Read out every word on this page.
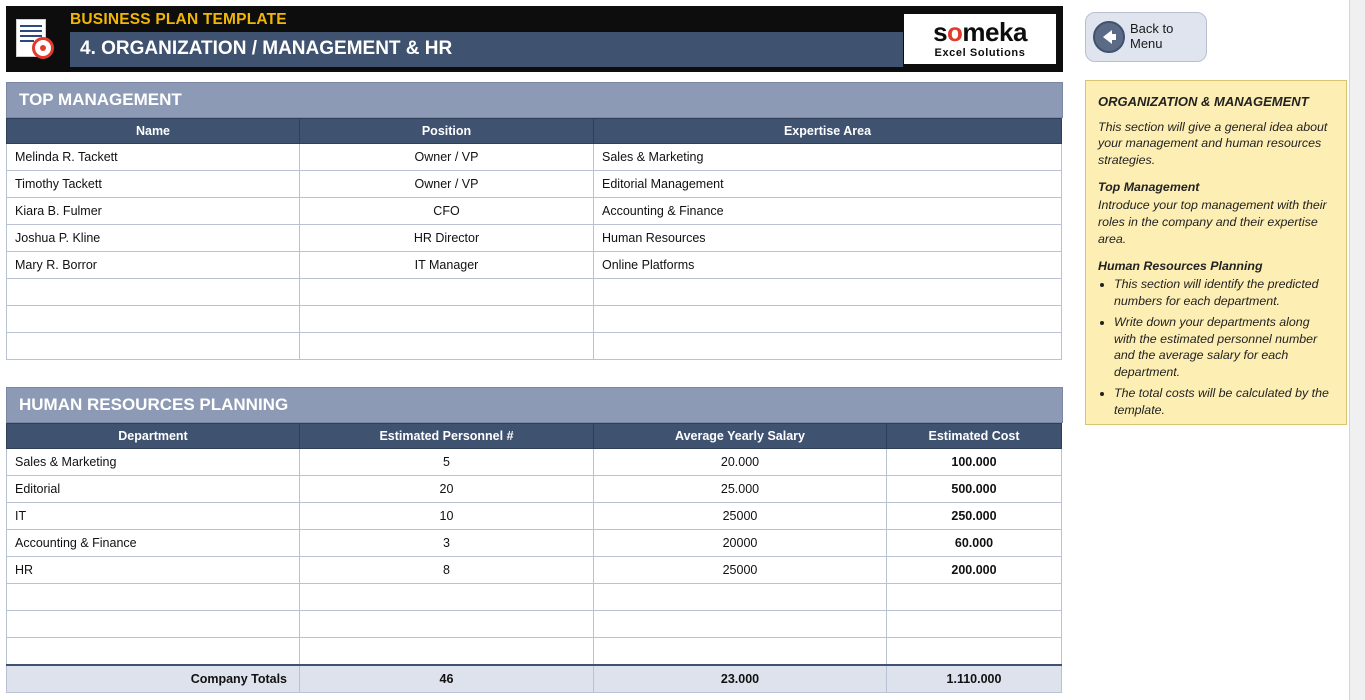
BUSINESS PLAN TEMPLATE
4. ORGANIZATION / MANAGEMENT & HR
someka
Excel Solutions
Back to
Menu
TOP MANAGEMENT
Name	Position	Expertise Area
Melinda R. Tackett	Owner / VP	Sales & Marketing
Timothy Tackett	Owner / VP	Editorial Management
Kiara B. Fulmer	CFO	Accounting & Finance
Joshua P. Kline	HR Director	Human Resources
Mary R. Borror	IT Manager	Online Platforms

HUMAN RESOURCES PLANNING
Department	Estimated Personnel #	Average Yearly Salary	Estimated Cost
Sales & Marketing	5	20.000	100.000
Editorial	20	25.000	500.000
IT	10	25000	250.000
Accounting & Finance	3	20000	60.000
HR	8	25000	200.000

Company Totals	46	23.000	1.110.000
ORGANIZATION & MANAGEMENT

This section will give a general idea about your management and human resources strategies.

Top Management

Introduce your top management with their roles in the company and their expertise area.

Human Resources Planning

• This section will identify the predicted numbers for each department.
• Write down your departments along with the estimated personnel number and the average salary for each department.
• The total costs will be calculated by the template.
